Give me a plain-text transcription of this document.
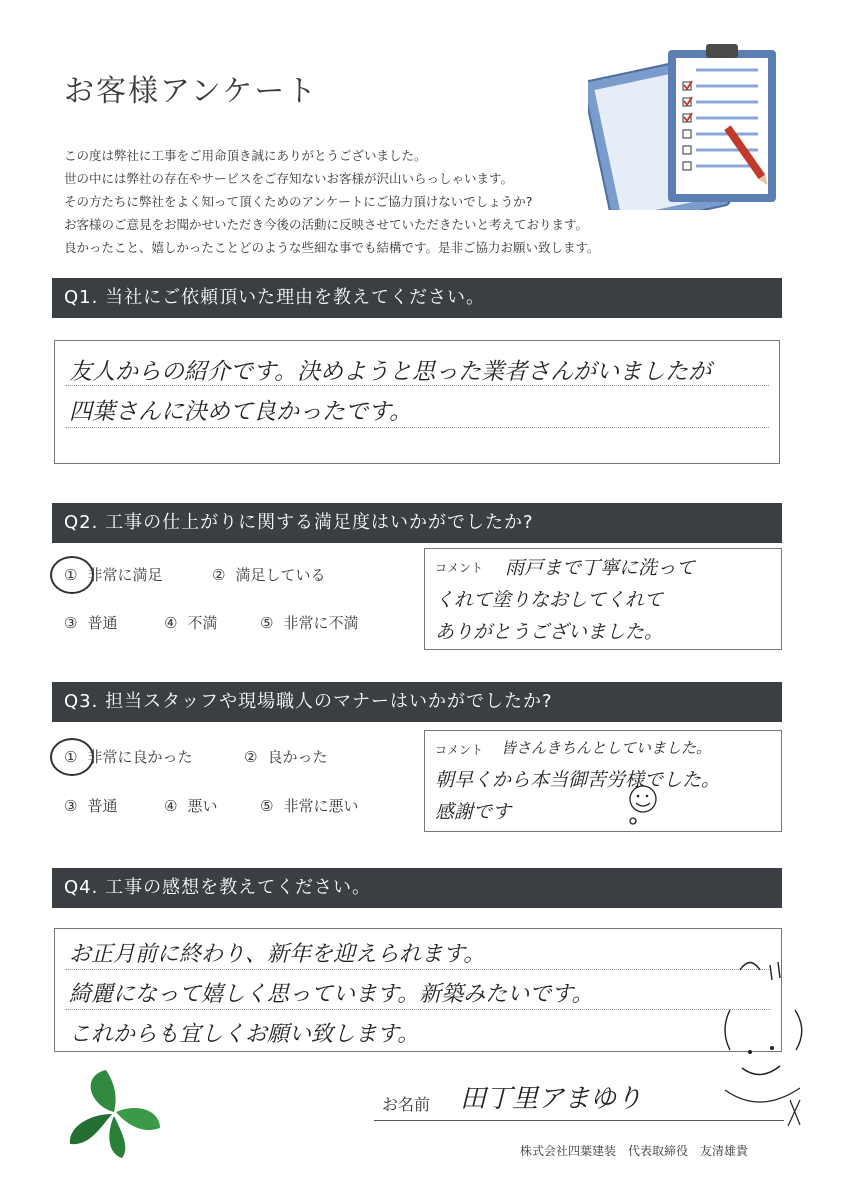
お客様アンケート
この度は弊社に工事をご用命頂き誠にありがとうございました。
世の中には弊社の存在やサービスをご存知ないお客様が沢山いらっしゃいます。
その方たちに弊社をよく知って頂くためのアンケートにご協力頂けないでしょうか?
お客様のご意見をお聞かせいただき今後の活動に反映させていただきたいと考えております。
良かったこと、嬉しかったことどのような些細な事でも結構です。是非ご協力お願い致します。
Q1. 当社にご依頼頂いた理由を教えてください。
友人からの紹介です。決めようと思った業者さんがいましたが
四葉さんに決めて良かったです。
Q2. 工事の仕上がりに関する満足度はいかがでしたか?
① 非常に満足	② 満足している
③ 普通	④ 不満	⑤ 非常に不満
コメント 雨戸まで丁寧に洗って
くれて塗りなおしてくれて
ありがとうございました。
Q3. 担当スタッフや現場職人のマナーはいかがでしたか?
① 非常に良かった	② 良かった
③ 普通	④ 悪い	⑤ 非常に悪い
コメント 皆さんきちんとしていました。
朝早くから本当御苦労様でした。
感謝です
Q4. 工事の感想を教えてください。
お正月前に終わり、新年を迎えられます。
綺麗になって嬉しく思っています。新築みたいです。
これからも宜しくお願い致します。
お名前 田丁里アまゆり
株式会社四葉建装　代表取締役　友清雄貴
